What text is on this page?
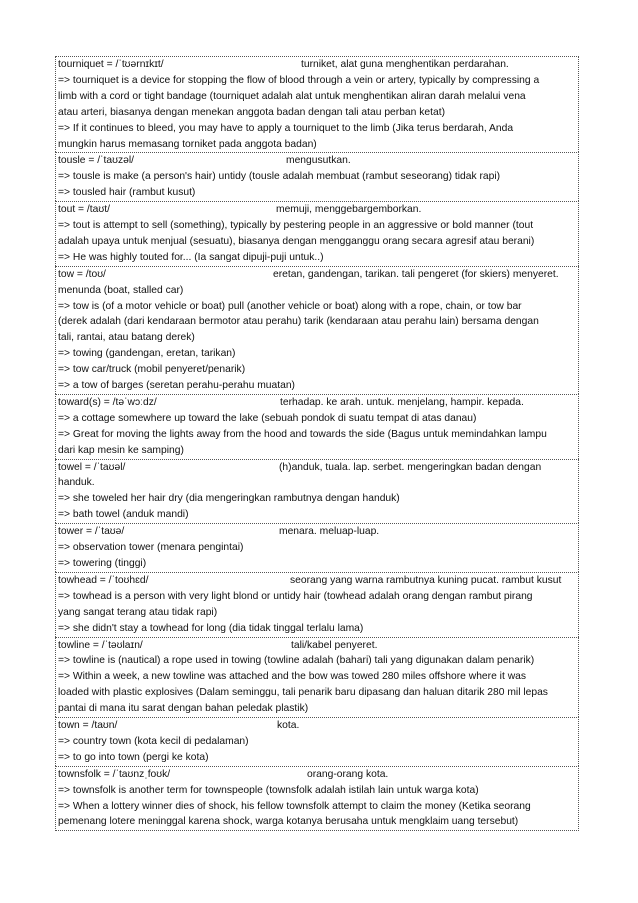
tourniquet = /ˈtʊərnɪkɪt/	turniket, alat guna menghentikan perdarahan.
=> tourniquet is a device for stopping the flow of blood through a vein or artery, typically by compressing a
limb with a cord or tight bandage (tourniquet adalah alat untuk menghentikan aliran darah melalui vena
atau arteri, biasanya dengan menekan anggota badan dengan tali atau perban ketat)
=> If it continues to bleed, you may have to apply a tourniquet to the limb (Jika terus berdarah, Anda
mungkin harus memasang torniket pada anggota badan)
tousle = /ˈtaʊzəl/	mengusutkan.
=> tousle is make (a person's hair) untidy (tousle adalah membuat (rambut seseorang) tidak rapi)
=> tousled hair (rambut kusut)
tout = /taʊt/	memuji, menggebargemborkan.
=> tout is attempt to sell (something), typically by pestering people in an aggressive or bold manner (tout
adalah upaya untuk menjual (sesuatu), biasanya dengan mengganggu orang secara agresif atau berani)
=> He was highly touted for... (Ia sangat dipuji-puji untuk..)
tow = /toʊ/	eretan, gandengan, tarikan. tali pengeret (for skiers) menyeret.
menunda (boat, stalled car)
=> tow is (of a motor vehicle or boat) pull (another vehicle or boat) along with a rope, chain, or tow bar
(derek adalah (dari kendaraan bermotor atau perahu) tarik (kendaraan atau perahu lain) bersama dengan
tali, rantai, atau batang derek)
=> towing (gandengan, eretan, tarikan)
=> tow car/truck (mobil penyeret/penarik)
=> a tow of barges (seretan perahu-perahu muatan)
toward(s) = /təˈwɔːdz/	terhadap. ke arah. untuk. menjelang, hampir. kepada.
=> a cottage somewhere up toward the lake (sebuah pondok di suatu tempat di atas danau)
=> Great for moving the lights away from the hood and towards the side (Bagus untuk memindahkan lampu
dari kap mesin ke samping)
towel = /ˈtaʊəl/	(h)anduk, tuala. lap. serbet. mengeringkan badan dengan
handuk.
=> she toweled her hair dry (dia mengeringkan rambutnya dengan handuk)
=> bath towel (anduk mandi)
tower = /ˈtaʊə/	menara. meluap-luap.
=> observation tower (menara pengintai)
=> towering (tinggi)
towhead = /ˈtoʊhɛd/	seorang yang warna rambutnya kuning pucat. rambut kusut
=> towhead is a person with very light blond or untidy hair (towhead adalah orang dengan rambut pirang
yang sangat terang atau tidak rapi)
=> she didn't stay a towhead for long (dia tidak tinggal terlalu lama)
towline = /ˈtəʊlaɪn/	tali/kabel penyeret.
=> towline is (nautical) a rope used in towing (towline adalah (bahari) tali yang digunakan dalam penarik)
=> Within a week, a new towline was attached and the bow was towed 280 miles offshore where it was
loaded with plastic explosives (Dalam seminggu, tali penarik baru dipasang dan haluan ditarik 280 mil lepas
pantai di mana itu sarat dengan bahan peledak plastik)
town = /taʊn/	kota.
=> country town (kota kecil di pedalaman)
=> to go into town (pergi ke kota)
townsfolk = /ˈtaʊnzˌfoʊk/	orang-orang kota.
=> townsfolk is another term for townspeople (townsfolk adalah istilah lain untuk warga kota)
=> When a lottery winner dies of shock, his fellow townsfolk attempt to claim the money (Ketika seorang
pemenang lotere meninggal karena shock, warga kotanya berusaha untuk mengklaim uang tersebut)
